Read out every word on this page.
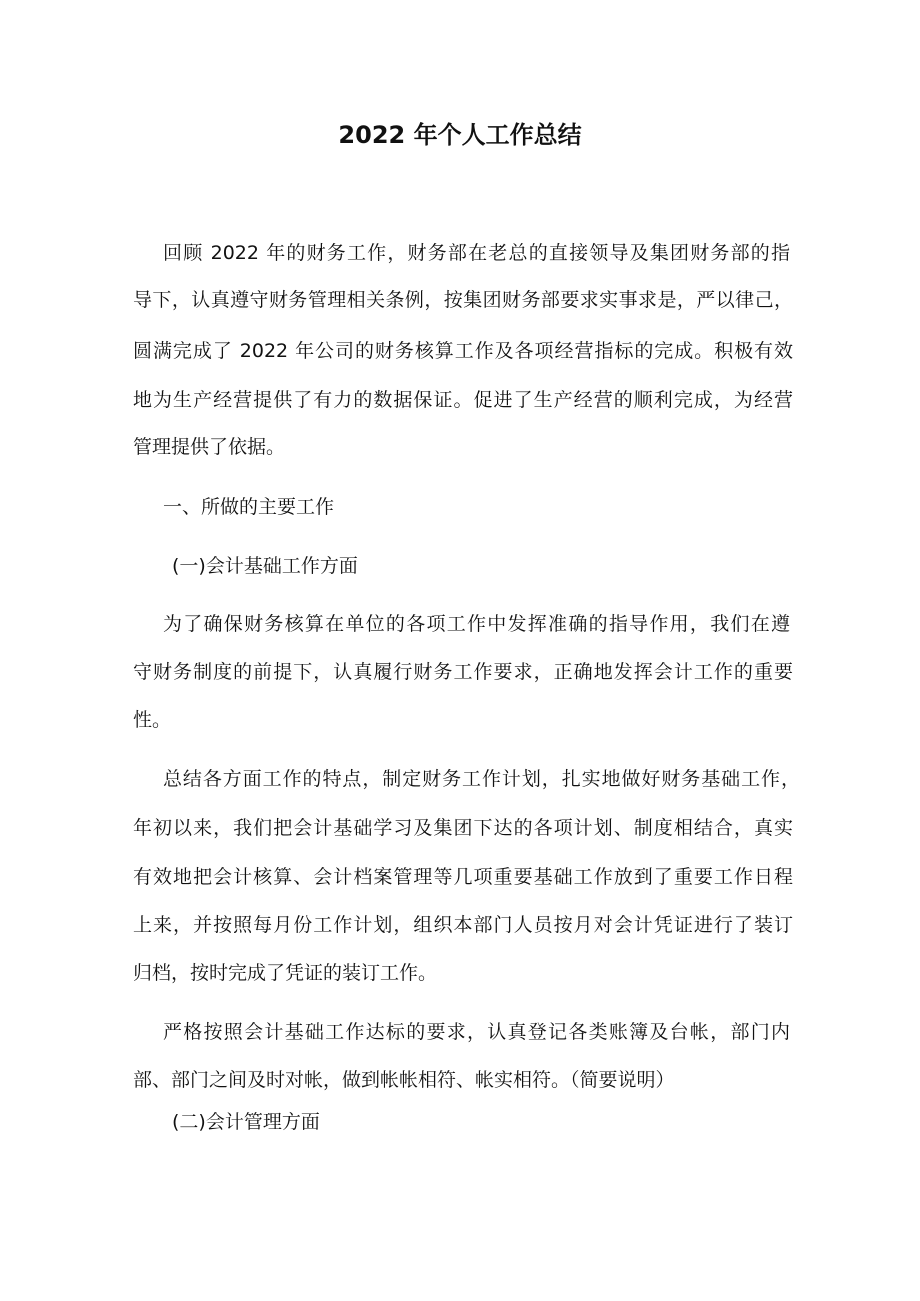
2022 年个人工作总结
回顾 2022 年的财务工作，财务部在老总的直接领导及集团财务部的指
导下，认真遵守财务管理相关条例，按集团财务部要求实事求是，严以律己，
圆满完成了 2022 年公司的财务核算工作及各项经营指标的完成。积极有效
地为生产经营提供了有力的数据保证。促进了生产经营的顺利完成，为经营
管理提供了依据。
一、所做的主要工作
(一)会计基础工作方面
为了确保财务核算在单位的各项工作中发挥准确的指导作用，我们在遵
守财务制度的前提下，认真履行财务工作要求，正确地发挥会计工作的重要
性。
总结各方面工作的特点，制定财务工作计划，扎实地做好财务基础工作，
年初以来，我们把会计基础学习及集团下达的各项计划、制度相结合，真实
有效地把会计核算、会计档案管理等几项重要基础工作放到了重要工作日程
上来，并按照每月份工作计划，组织本部门人员按月对会计凭证进行了装订
归档，按时完成了凭证的装订工作。
严格按照会计基础工作达标的要求，认真登记各类账簿及台帐，部门内
部、部门之间及时对帐，做到帐帐相符、帐实相符。（简要说明）
(二)会计管理方面
